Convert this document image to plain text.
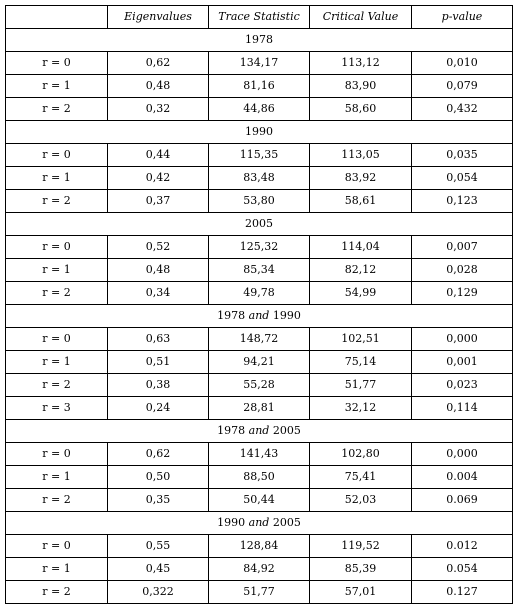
	Eigenvalues	Trace Statistic	Critical Value	p-value
1978				
r = 0	0,62	134,17	113,12	0,010
r = 1	0,48	81,16	83,90	0,079
r = 2	0,32	44,86	58,60	0,432
1990				
r = 0	0,44	115,35	113,05	0,035
r = 1	0,42	83,48	83,92	0,054
r = 2	0,37	53,80	58,61	0,123
2005				
r = 0	0,52	125,32	114,04	0,007
r = 1	0,48	85,34	82,12	0,028
r = 2	0,34	49,78	54,99	0,129
1978 and 1990				
r = 0	0,63	148,72	102,51	0,000
r = 1	0,51	94,21	75,14	0,001
r = 2	0,38	55,28	51,77	0,023
r = 3	0,24	28,81	32,12	0,114
1978 and 2005				
r = 0	0,62	141,43	102,80	0,000
r = 1	0,50	88,50	75,41	0.004
r = 2	0,35	50,44	52,03	0.069
1990 and 2005				
r = 0	0,55	128,84	119,52	0.012
r = 1	0,45	84,92	85,39	0.054
r = 2	0,322	51,77	57,01	0.127
